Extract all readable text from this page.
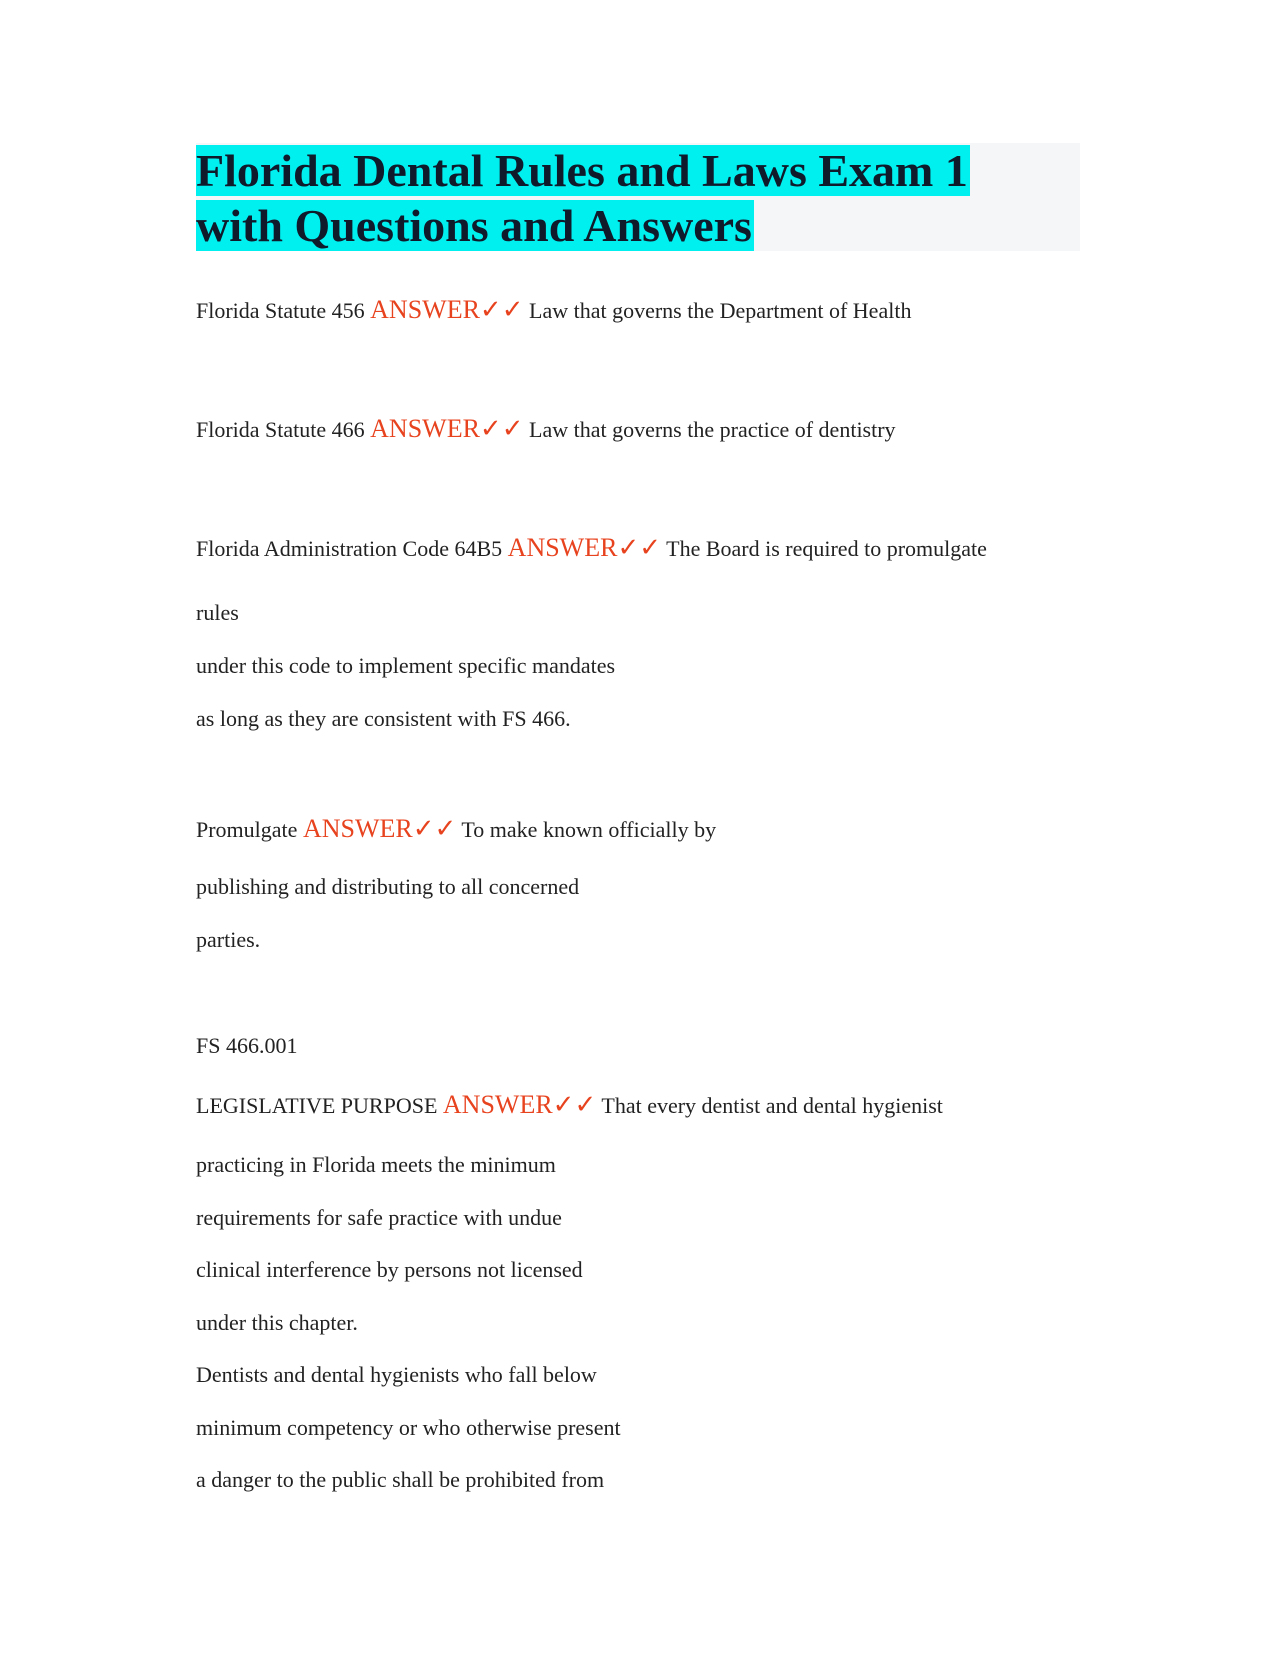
Florida Dental Rules and Laws Exam 1
with Questions and Answers
Florida Statute 456 ANSWER✓✓ Law that governs the Department of Health
Florida Statute 466 ANSWER✓✓ Law that governs the practice of dentistry
Florida Administration Code 64B5 ANSWER✓✓ The Board is required to promulgate
rules
under this code to implement specific mandates
as long as they are consistent with FS 466.
Promulgate ANSWER✓✓ To make known officially by
publishing and distributing to all concerned
parties.
FS 466.001
LEGISLATIVE PURPOSE ANSWER✓✓ That every dentist and dental hygienist
practicing in Florida meets the minimum
requirements for safe practice with undue
clinical interference by persons not licensed
under this chapter.
Dentists and dental hygienists who fall below
minimum competency or who otherwise present
a danger to the public shall be prohibited from
